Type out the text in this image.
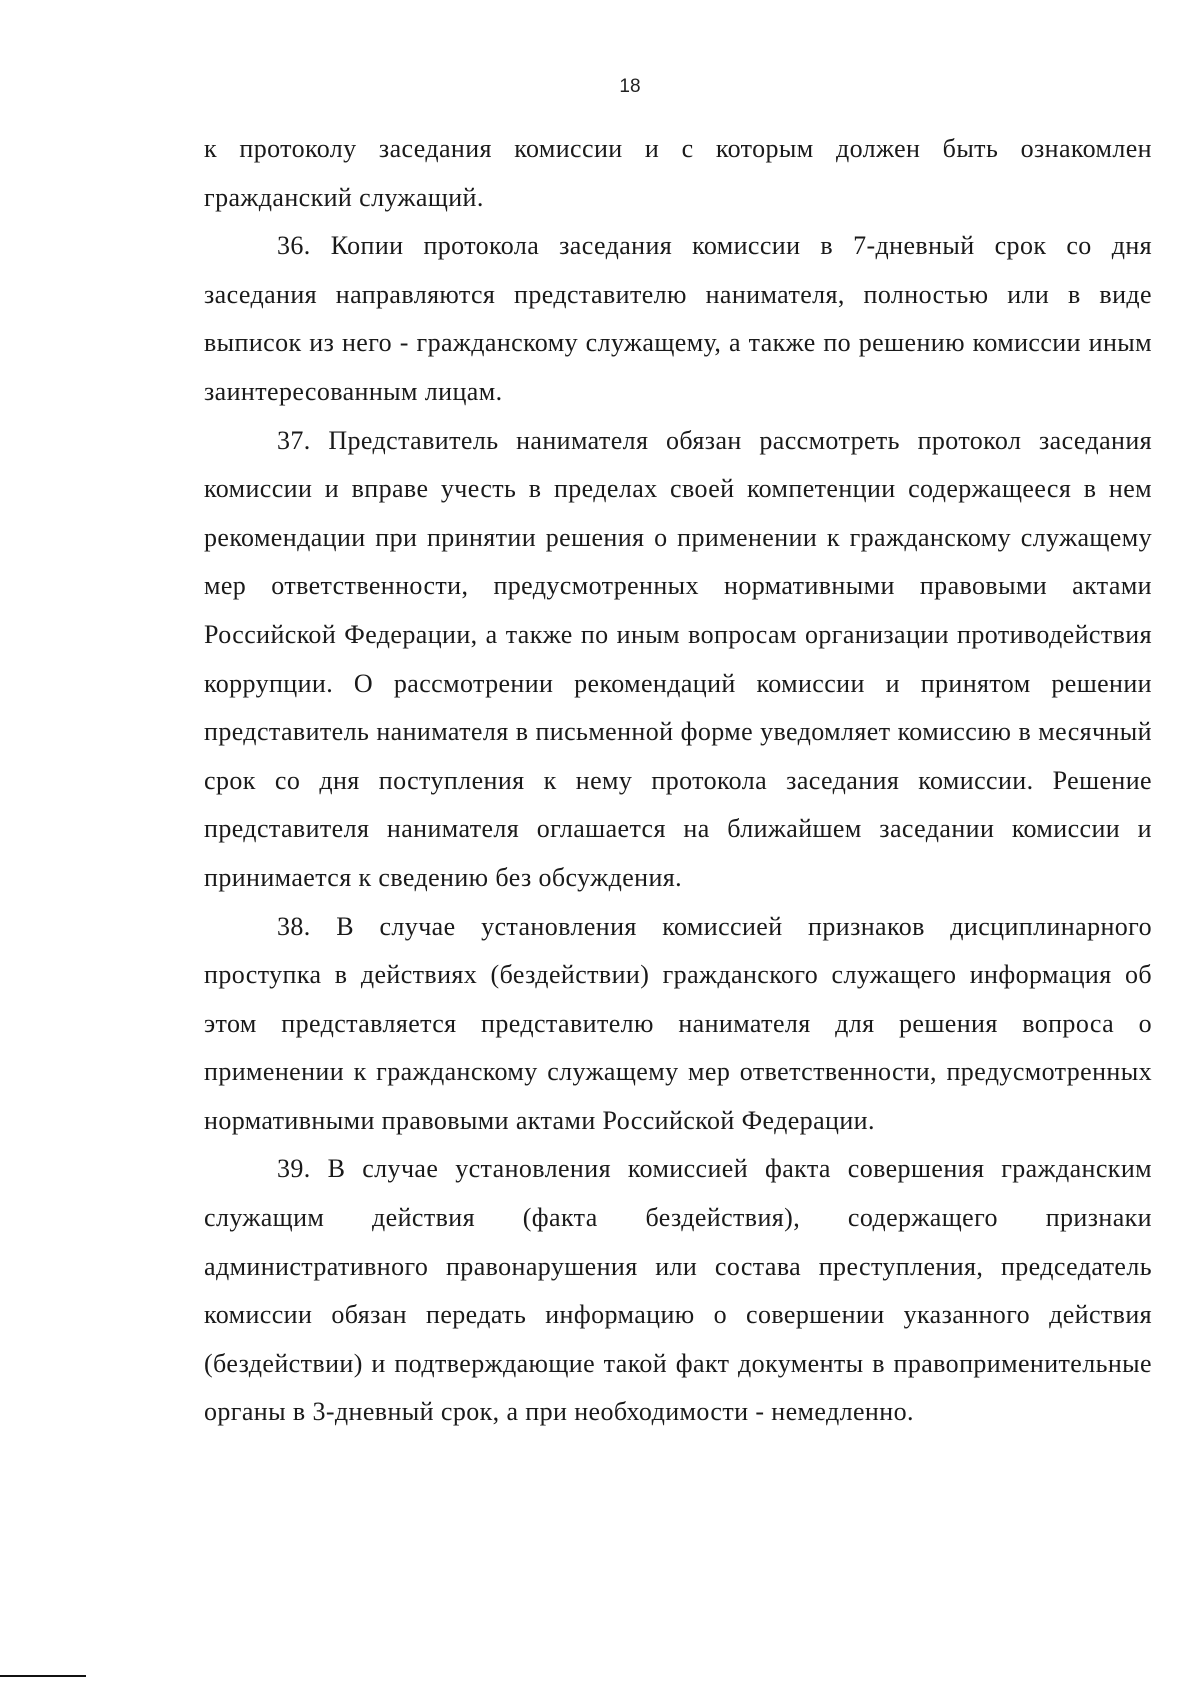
18

к протоколу заседания комиссии и с которым должен быть ознакомлен гражданский служащий.

36. Копии протокола заседания комиссии в 7-дневный срок со дня заседания направляются представителю нанимателя, полностью или в виде выписок из него - гражданскому служащему, а также по решению комиссии иным заинтересованным лицам.

37. Представитель нанимателя обязан рассмотреть протокол заседания комиссии и вправе учесть в пределах своей компетенции содержащееся в нем рекомендации при принятии решения о применении к гражданскому служащему мер ответственности, предусмотренных нормативными правовыми актами Российской Федерации, а также по иным вопросам организации противодействия коррупции. О рассмотрении рекомендаций комиссии и принятом решении представитель нанимателя в письменной форме уведомляет комиссию в месячный срок со дня поступления к нему протокола заседания комиссии. Решение представителя нанимателя оглашается на ближайшем заседании комиссии и принимается к сведению без обсуждения.

38. В случае установления комиссией признаков дисциплинарного проступка в действиях (бездействии) гражданского служащего информация об этом представляется представителю нанимателя для решения вопроса о применении к гражданскому служащему мер ответственности, предусмотренных нормативными правовыми актами Российской Федерации.

39. В случае установления комиссией факта совершения гражданским служащим действия (факта бездействия), содержащего признаки административного правонарушения или состава преступления, председатель комиссии обязан передать информацию о совершении указанного действия (бездействии) и подтверждающие такой факт документы в правоприменительные органы в 3-дневный срок, а при необходимости - немедленно.
